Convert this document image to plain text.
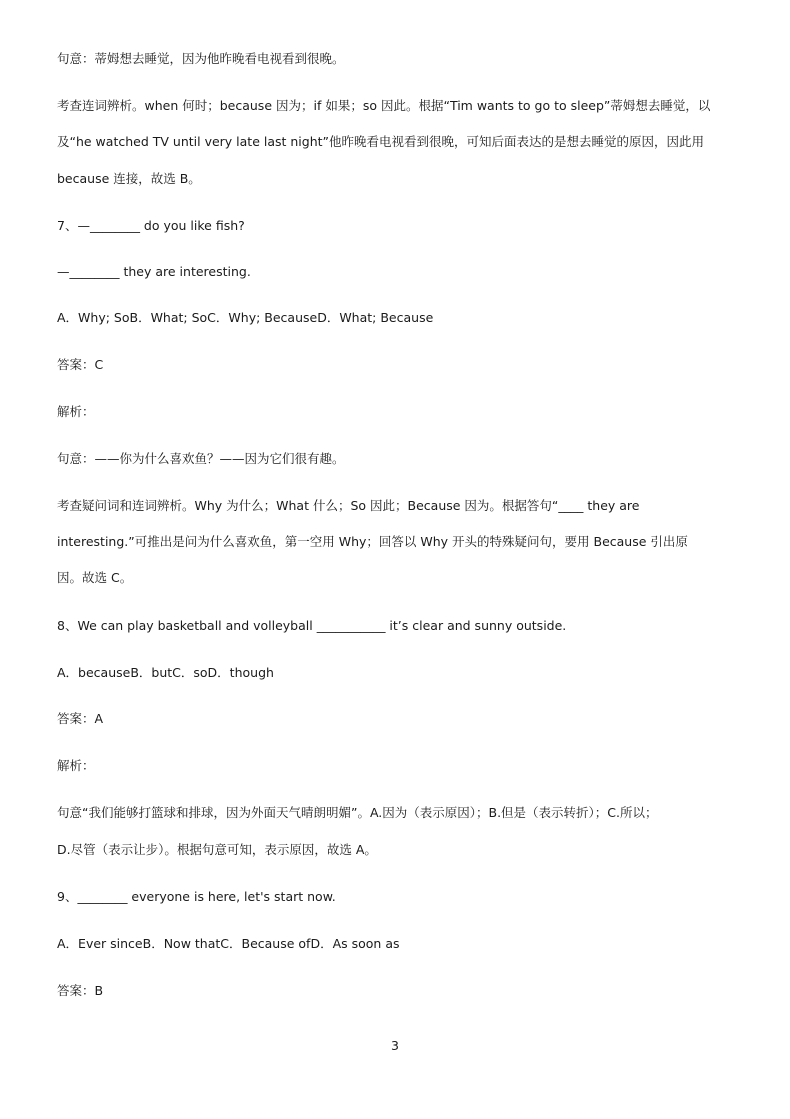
句意：蒂姆想去睡觉，因为他昨晚看电视看到很晚。
考查连词辨析。when 何时；because 因为；if 如果；so 因此。根据“Tim wants to go to sleep”蒂姆想去睡觉，以
及“he watched TV until very late last night”他昨晚看电视看到很晚，可知后面表达的是想去睡觉的原因，因此用
because 连接，故选 B。
7、—________ do you like fish?
—________ they are interesting.
A．Why; SoB．What; SoC．Why; BecauseD．What; Because
答案：C
解析：
句意：——你为什么喜欢鱼？——因为它们很有趣。
考查疑问词和连词辨析。Why 为什么；What 什么；So 因此；Because 因为。根据答句“____ they are
interesting.”可推出是问为什么喜欢鱼，第一空用 Why；回答以 Why 开头的特殊疑问句，要用 Because 引出原
因。故选 C。
8、We can play basketball and volleyball ___________ it’s clear and sunny outside.
A．becauseB．butC．soD．though
答案：A
解析：
句意“我们能够打篮球和排球，因为外面天气晴朗明媚”。A.因为（表示原因）；B.但是（表示转折）；C.所以；
D.尽管（表示让步）。根据句意可知，表示原因，故选 A。
9、________ everyone is here, let's start now.
A．Ever sinceB．Now thatC．Because ofD．As soon as
答案：B
3
